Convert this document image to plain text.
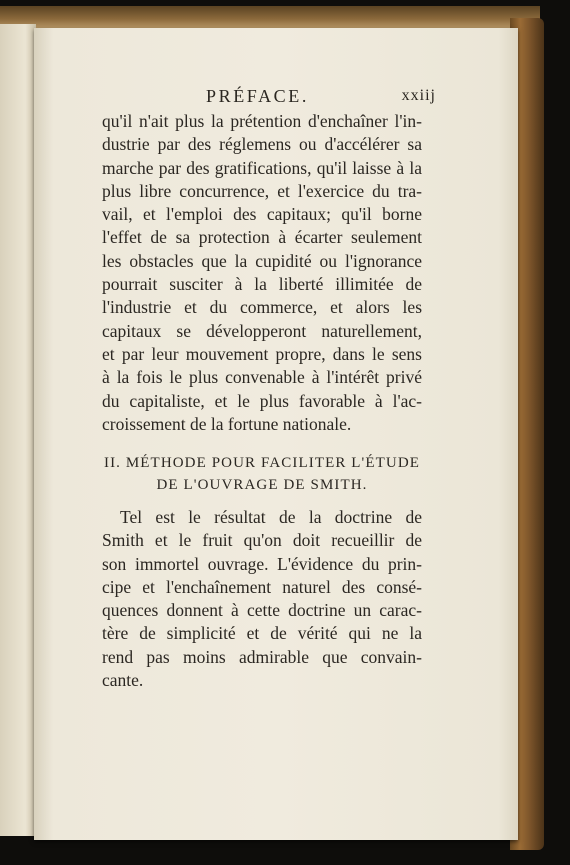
PRÉFACE.	xxiij
qu'il n'ait plus la prétention d'enchaîner l'in-
dustrie par des réglemens ou d'accélérer sa
marche par des gratifications, qu'il laisse à la
plus libre concurrence, et l'exercice du tra-
vail, et l'emploi des capitaux; qu'il borne
l'effet de sa protection à écarter seulement
les obstacles que la cupidité ou l'ignorance
pourrait susciter à la liberté illimitée de
l'industrie et du commerce, et alors les
capitaux se développeront naturellement,
et par leur mouvement propre, dans le sens
à la fois le plus convenable à l'intérêt privé
du capitaliste, et le plus favorable à l'ac-
croissement de la fortune nationale.
II. MÉTHODE POUR FACILITER L'ÉTUDE
DE L'OUVRAGE DE SMITH.
Tel est le résultat de la doctrine de
Smith et le fruit qu'on doit recueillir de
son immortel ouvrage. L'évidence du prin-
cipe et l'enchaînement naturel des consé-
quences donnent à cette doctrine un carac-
tère de simplicité et de vérité qui ne la
rend pas moins admirable que convain-
cante.
